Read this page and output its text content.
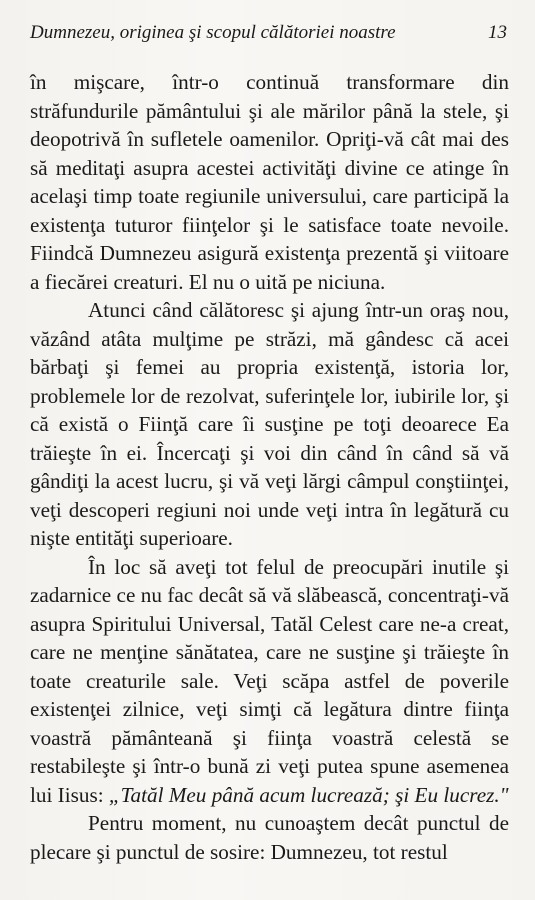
Dumnezeu, originea şi scopul călătoriei noastre	13

în mişcare, într-o continuă transformare din străfundurile pământului şi ale mărilor până la stele, şi deopotrivă în sufletele oamenilor. Opriţi-vă cât mai des să meditaţi asupra acestei activităţi divine ce atinge în acelaşi timp toate regiunile universului, care participă la existenţa tuturor fiinţelor şi le satisface toate nevoile. Fiindcă Dumnezeu asigură existenţa prezentă şi viitoare a fiecărei creaturi. El nu o uită pe niciuna.

Atunci când călătoresc şi ajung într-un oraş nou, văzând atâta mulţime pe străzi, mă gândesc că acei bărbaţi şi femei au propria existenţă, istoria lor, problemele lor de rezolvat, suferinţele lor, iubirile lor, şi că există o Fiinţă care îi susţine pe toţi deoarece Ea trăieşte în ei. Încercaţi şi voi din când în când să vă gândiţi la acest lucru, şi vă veţi lărgi câmpul conştiinţei, veţi descoperi regiuni noi unde veţi intra în legătură cu nişte entităţi superioare.

În loc să aveţi tot felul de preocupări inutile şi zadarnice ce nu fac decât să vă slăbească, concentraţi-vă asupra Spiritului Universal, Tatăl Celest care ne-a creat, care ne menţine sănătatea, care ne susţine şi trăieşte în toate creaturile sale. Veţi scăpa astfel de poverile existenţei zilnice, veţi simţi că legătura dintre fiinţa voastră pământeană şi fiinţa voastră celestă se restabileşte şi într-o bună zi veţi putea spune asemenea lui Iisus: „Tatăl Meu până acum lucrează; şi Eu lucrez."

Pentru moment, nu cunoaştem decât punctul de plecare şi punctul de sosire: Dumnezeu, tot restul
